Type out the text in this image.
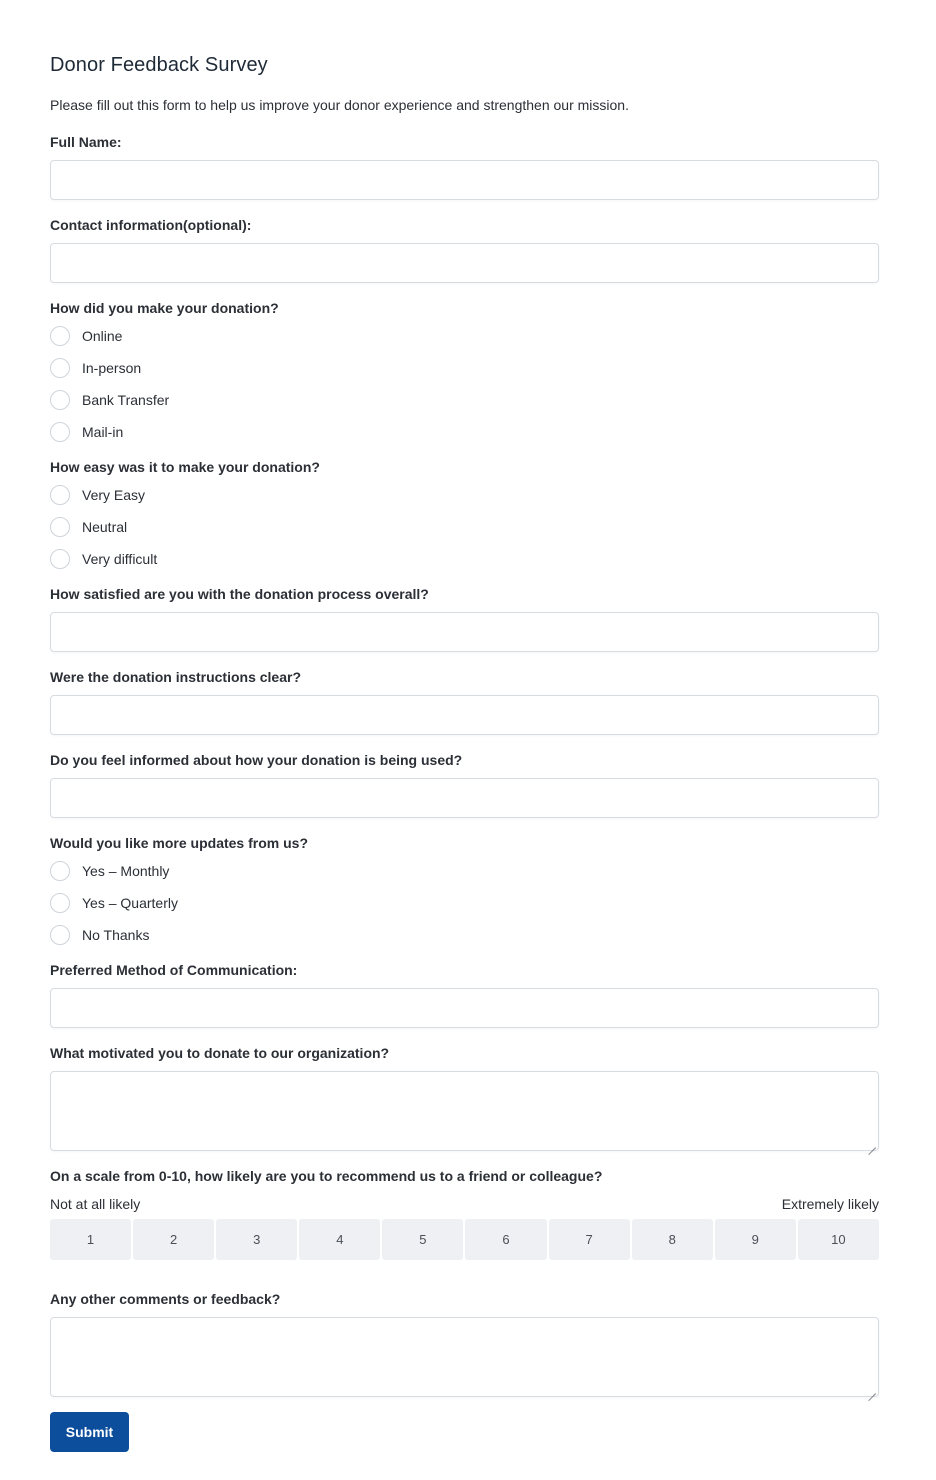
Donor Feedback Survey

Please fill out this form to help us improve your donor experience and strengthen our mission.

Full Name:
Contact information(optional):
How did you make your donation?
Online
In-person
Bank Transfer
Mail-in
How easy was it to make your donation?
Very Easy
Neutral
Very difficult
How satisfied are you with the donation process overall?
Were the donation instructions clear?
Do you feel informed about how your donation is being used?
Would you like more updates from us?
Yes – Monthly
Yes – Quarterly
No Thanks
Preferred Method of Communication:
What motivated you to donate to our organization?
On a scale from 0-10, how likely are you to recommend us to a friend or colleague?
Not at all likely	Extremely likely
1	2	3	4	5	6	7	8	9	10
Any other comments or feedback?
Submit
